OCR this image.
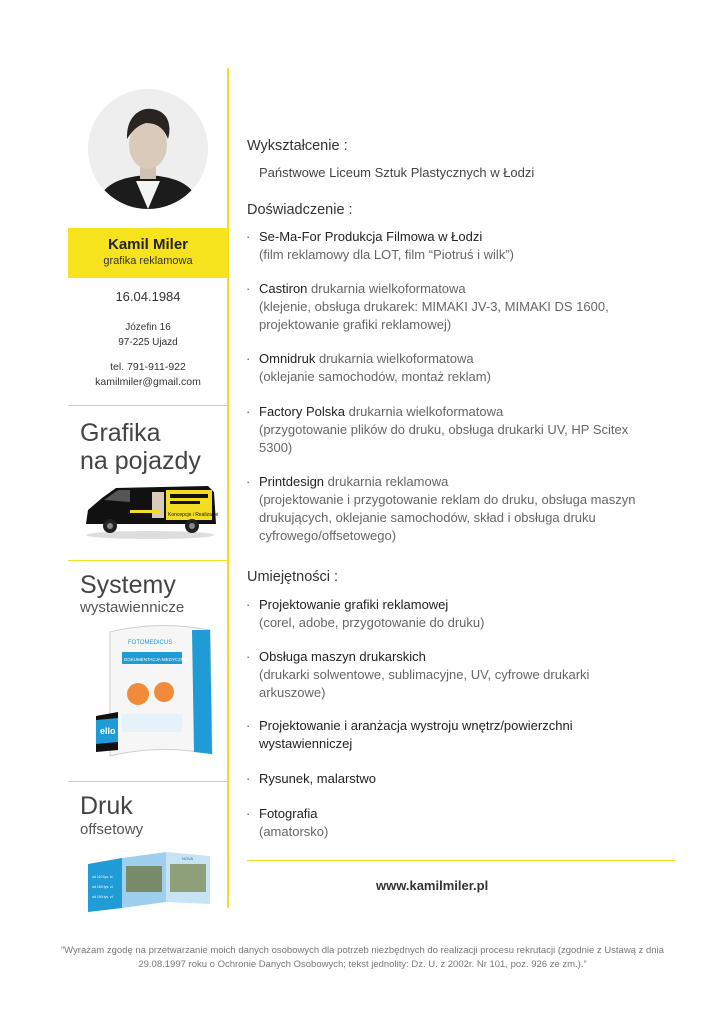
Kamil Miler
grafika reklamowa
16.04.1984
Józefin 16
97-225 Ujazd
tel. 791-911-922
kamilmiler@gmail.com
Grafika
na pojazdy
Koncepcje i Realizacje
Systemy
wystawiennicze
FOTOMEDICUS
DOKUMENTACJA MEDYCZNEJ
ello
Druk
offsetowy
NOVA
od 110 tys. zł
od 180 tys. zł
od 190 tys. zł
Wykształcenie :
Państwowe Liceum Sztuk Plastycznych w Łodzi
Doświadczenie :
· Se-Ma-For Produkcja Filmowa w Łodzi
(film reklamowy dla LOT, film “Piotruś i wilk”)
· Castiron drukarnia wielkoformatowa
(klejenie, obsługa drukarek: MIMAKI JV-3, MIMAKI DS 1600, projektowanie grafiki reklamowej)
· Omnidruk drukarnia wielkoformatowa
(oklejanie samochodów, montaż reklam)
· Factory Polska drukarnia wielkoformatowa
(przygotowanie plików do druku, obsługa drukarki UV, HP Scitex 5300)
· Printdesign drukarnia reklamowa
(projektowanie i przygotowanie reklam do druku, obsługa maszyn drukujących, oklejanie samochodów, skład i obsługa druku cyfrowego/offsetowego)
Umiejętności :
· Projektowanie grafiki reklamowej
(corel, adobe, przygotowanie do druku)
· Obsługa maszyn drukarskich
(drukarki solwentowe, sublimacyjne, UV, cyfrowe drukarki arkuszowe)
· Projektowanie i aranżacja wystroju wnętrz/powierzchni wystawienniczej
· Rysunek, malarstwo
· Fotografia
(amatorsko)
www.kamilmiler.pl
”Wyrażam zgodę na przetwarzanie moich danych osobowych dla potrzeb niezbędnych do realizacji procesu rekrutacji (zgodnie z Ustawą z dnia 29.08.1997 roku o Ochronie Danych Osobowych; tekst jednolity: Dz. U. z 2002r. Nr 101, poz. 926 ze zm.).”
